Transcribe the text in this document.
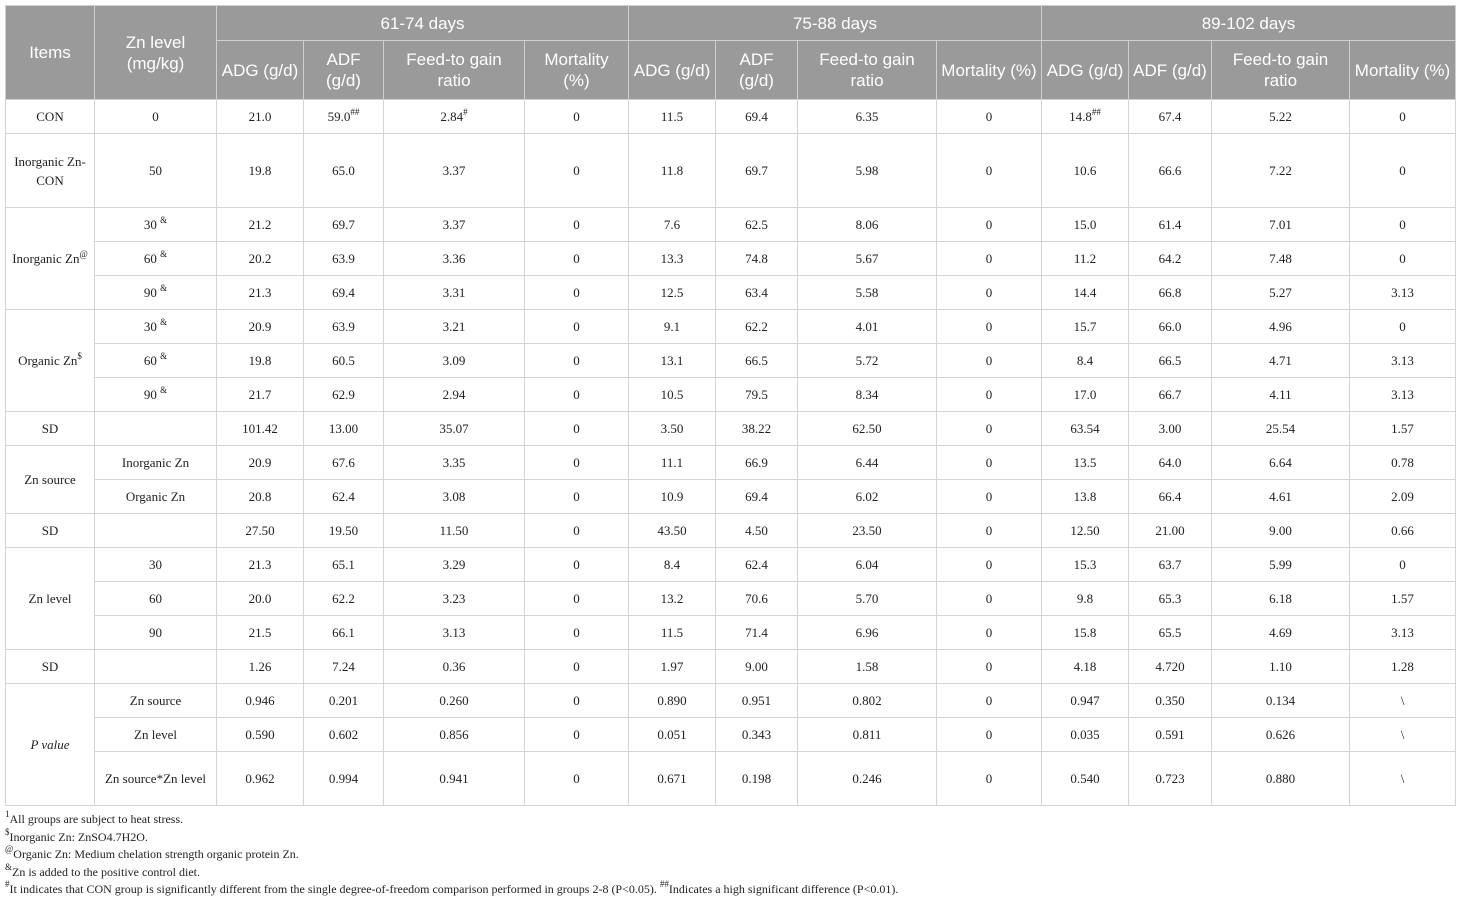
Items	Zn level (mg/kg)	61-74 days				75-88 days				89-102 days			
		ADG (g/d)	ADF (g/d)	Feed-to gain ratio	Mortality (%)	ADG (g/d)	ADF (g/d)	Feed-to gain ratio	Mortality (%)	ADG (g/d)	ADF (g/d)	Feed-to gain ratio	Mortality (%)
CON	0	21.0	59.0##	2.84#	0	11.5	69.4	6.35	0	14.8##	67.4	5.22	0
Inorganic Zn-CON	50	19.8	65.0	3.37	0	11.8	69.7	5.98	0	10.6	66.6	7.22	0
Inorganic Zn@	30 &	21.2	69.7	3.37	0	7.6	62.5	8.06	0	15.0	61.4	7.01	0
	60 &	20.2	63.9	3.36	0	13.3	74.8	5.67	0	11.2	64.2	7.48	0
	90 &	21.3	69.4	3.31	0	12.5	63.4	5.58	0	14.4	66.8	5.27	3.13
Organic Zn$	30 &	20.9	63.9	3.21	0	9.1	62.2	4.01	0	15.7	66.0	4.96	0
	60 &	19.8	60.5	3.09	0	13.1	66.5	5.72	0	8.4	66.5	4.71	3.13
	90 &	21.7	62.9	2.94	0	10.5	79.5	8.34	0	17.0	66.7	4.11	3.13
SD		101.42	13.00	35.07	0	3.50	38.22	62.50	0	63.54	3.00	25.54	1.57
Zn source	Inorganic Zn	20.9	67.6	3.35	0	11.1	66.9	6.44	0	13.5	64.0	6.64	0.78
	Organic Zn	20.8	62.4	3.08	0	10.9	69.4	6.02	0	13.8	66.4	4.61	2.09
SD		27.50	19.50	11.50	0	43.50	4.50	23.50	0	12.50	21.00	9.00	0.66
Zn level	30	21.3	65.1	3.29	0	8.4	62.4	6.04	0	15.3	63.7	5.99	0
	60	20.0	62.2	3.23	0	13.2	70.6	5.70	0	9.8	65.3	6.18	1.57
	90	21.5	66.1	3.13	0	11.5	71.4	6.96	0	15.8	65.5	4.69	3.13
SD		1.26	7.24	0.36	0	1.97	9.00	1.58	0	4.18	4.720	1.10	1.28
P value	Zn source	0.946	0.201	0.260	0	0.890	0.951	0.802	0	0.947	0.350	0.134	\
	Zn level	0.590	0.602	0.856	0	0.051	0.343	0.811	0	0.035	0.591	0.626	\
	Zn source*Zn level	0.962	0.994	0.941	0	0.671	0.198	0.246	0	0.540	0.723	0.880	\
$^1$All groups are subject to heat stress.
$Inorganic Zn: ZnSO4.7H2O.
@Organic Zn: Medium chelation strength organic protein Zn.
&Zn is added to the positive control diet.
#It indicates that CON group is significantly different from the single degree-of-freedom comparison performed in groups 2-8 (P<0.05). ##Indicates a high significant difference (P<0.01).
